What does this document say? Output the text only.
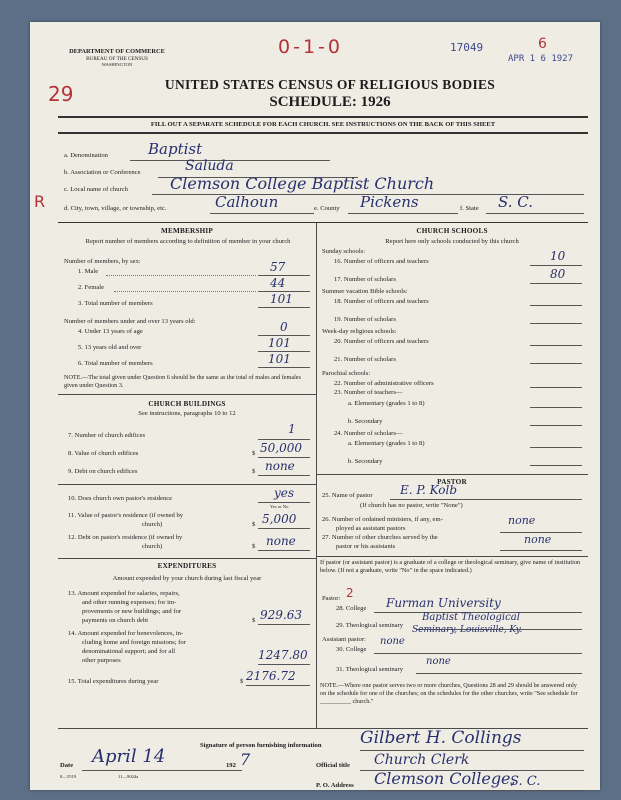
DEPARTMENT OF COMMERCE
BUREAU OF THE CENSUS
WASHINGTON
0-1-0	17049
APR 1 6 1927
6
29	UNITED STATES CENSUS OF RELIGIOUS BODIES
SCHEDULE: 1926
FILL OUT A SEPARATE SCHEDULE FOR EACH CHURCH. SEE INSTRUCTIONS ON THE BACK OF THIS SHEET
a. Denomination	Baptist
b. Association or Conference	Saluda
c. Local name of church	Clemson College Baptist Church
R	d. City, town, village, or township, etc.	Calhoun	e. County Pickens	f. State S. C.
MEMBERSHIP
Report number of members according to definition of member in your church
Number of members, by sex:
1. Male	57
2. Female	44
3. Total number of members	101
Number of members under and over 13 years old:
4. Under 13 years of age	0
5. 13 years old and over	101
6. Total number of members	101
NOTE.—The total given under Question 6 should be the same as the total of males and females given under Question 3.
CHURCH BUILDINGS
See instructions, paragraphs 10 to 12
7. Number of church edifices	1
8. Value of church edifices	$ 50,000
9. Debt on church edifices	$ none
10. Does church own pastor's residence	yes
Yes or No
11. Value of pastor's residence (if owned by
church)	$ 5,000
12. Debt on pastor's residence (if owned by
church)	$ none
EXPENDITURES
Amount expended by your church during last fiscal year
13. Amount expended for salaries, repairs,
and other running expenses; for im-
provements or new buildings; and for
payments on church debt	$ 929.63
14. Amount expended for benevolences, in-
cluding home and foreign missions; for
denominational support; and for all
other purposes	1247.80
15. Total expenditures during year	$ 2176.72
CHURCH SCHOOLS
Report here only schools conducted by this church
Sunday schools:
16. Number of officers and teachers	10
17. Number of scholars	80
Summer vacation Bible schools:
18. Number of officers and teachers
19. Number of scholars
Week-day religious schools:
20. Number of officers and teachers
21. Number of scholars
Parochial schools:
22. Number of administrative officers
23. Number of teachers—
a. Elementary (grades 1 to 8)
b. Secondary
24. Number of scholars—
a. Elementary (grades 1 to 8)
b. Secondary
PASTOR
25. Name of pastor E. P. Kolb
(If church has no pastor, write "None")
26. Number of ordained ministers, if any, em-
ployed as assistant pastors
none
27. Number of other churches served by the
pastor or his assistants
none
If pastor (or assistant pastor) is a graduate of a college or theological seminary, give name of institution below. (If not a graduate, write "No" in the space indicated.)
Pastor: 2
28. College Furman University
29. Theological seminary
Baptist Theological
Seminary, Louisville, Ky.
Assistant pastor:
30. College
none
31. Theological seminary
none
NOTE.—Where one pastor serves two or more churches, Questions 28 and 29 should be answered only on the schedule for one of the churches; on the schedules for the other churches, write "See schedule for __________ church."
Signature of person furnishing information Gilbert H. Collings
Official title Church Clerk
Date April 14	192 7
P. O. Address Clemson College,
S. C.
8—5519	11—9024a
